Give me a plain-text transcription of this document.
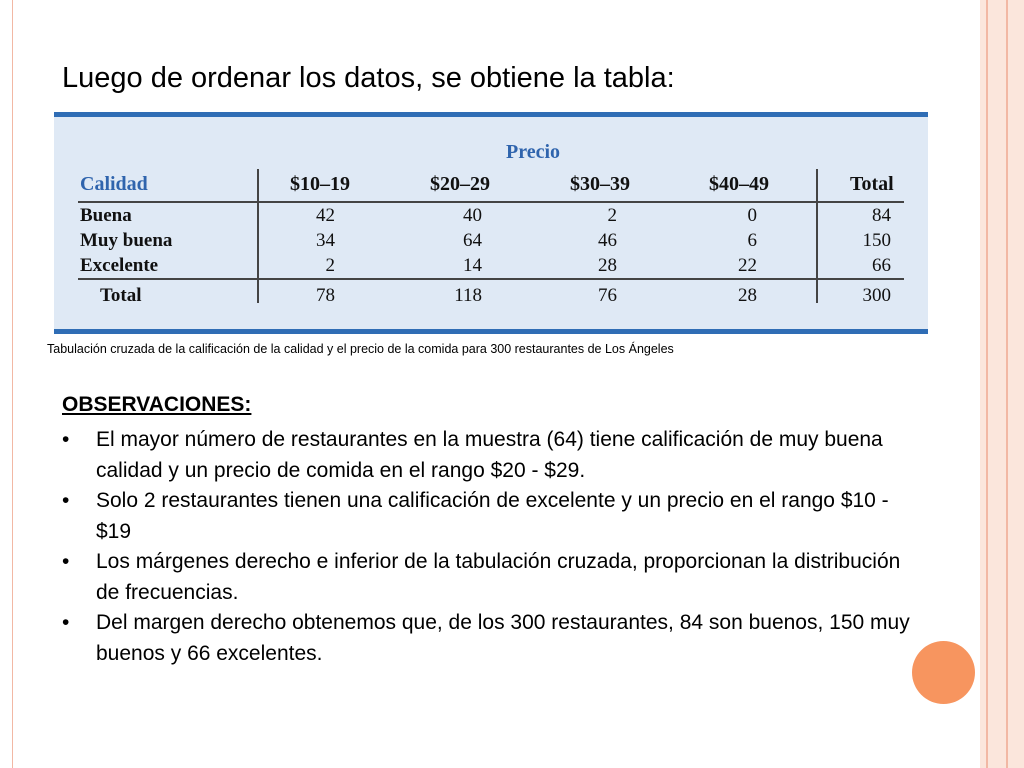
Luego de ordenar los datos, se obtiene la tabla:
Precio
Calidad	$10–19	$20–29	$30–39	$40–49	Total
Buena	42	40	2	0	84
Muy buena	34	64	46	6	150
Excelente	2	14	28	22	66
Total	78	118	76	28	300
Tabulación cruzada de la calificación de la calidad y el precio de la comida para 300 restaurantes de Los Ángeles
OBSERVACIONES:
• El mayor número de restaurantes en la muestra (64) tiene calificación de muy buena calidad y un precio de comida en el rango $20 - $29.
• Solo 2 restaurantes tienen una calificación de excelente y un precio en el rango $10 - $19
• Los márgenes derecho e inferior de la tabulación cruzada, proporcionan la distribución de frecuencias.
• Del margen derecho obtenemos que, de los 300 restaurantes, 84 son buenos, 150 muy buenos y 66 excelentes.
